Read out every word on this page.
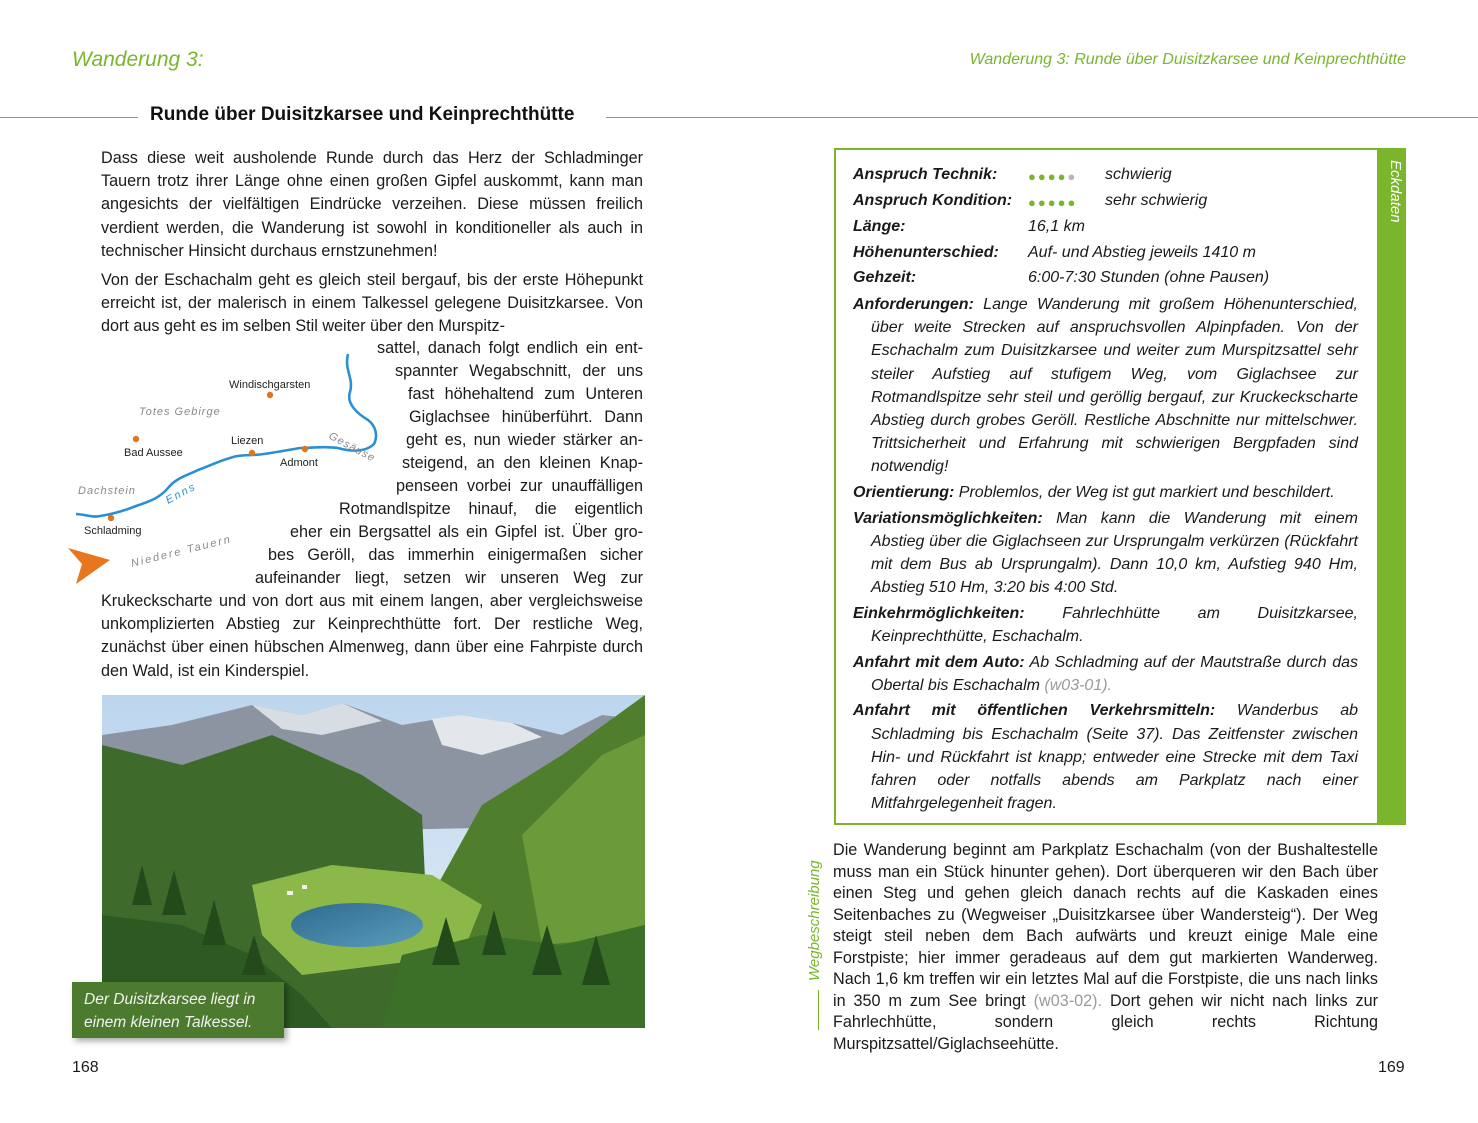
Wanderung 3:	Wanderung 3: Runde über Duisitzkarsee und Keinprechthütte
Runde über Duisitzkarsee und Keinprechthütte

Dass diese weit ausholende Runde durch das Herz der Schladminger Tauern trotz ihrer Länge ohne einen großen Gipfel auskommt, kann man angesichts der vielfältigen Eindrücke verzeihen. Diese müssen freilich verdient werden, die Wanderung ist sowohl in konditioneller als auch in technischer Hinsicht durchaus ernstzunehmen!

Von der Eschachalm geht es gleich steil bergauf, bis der erste Höhepunkt erreicht ist, der malerisch in einem Talkessel gelegene Duisitzkarsee. Von dort aus geht es im selben Stil weiter über den Murspitz-

sattel, danach folgt endlich ein ent-
spannter Wegabschnitt, der uns
fast höhehaltend zum Unteren
Giglachsee hinüberführt. Dann
geht es, nun wieder stärker an-
steigend, an den kleinen Knap-
penseen vorbei zur unauffälligen
Rotmandlspitze hinauf, die eigentlich
eher ein Bergsattel als ein Gipfel ist. Über gro-
bes Geröll, das immerhin einigermaßen sicher
aufeinander liegt, setzen wir unseren Weg zur

Krukeckscharte und von dort aus mit einem langen, aber vergleichsweise unkomplizierten Abstieg zur Keinprechthütte fort. Der restliche Weg, zunächst über einen hübschen Almenweg, dann über eine Fahrpiste durch den Wald, ist ein Kinderspiel.

Windischgarsten
Totes Gebirge
Liezen
Bad Aussee
Admont Gesäuse
Dachstein	Enns
Schladming
Niedere Tauern
Der Duisitzkarsee liegt in einem kleinen Talkessel.
168	169
Eckdaten
Anspruch Technik: ●●●●● schwierig
Anspruch Kondition: ●●●●● sehr schwierig
Länge:	16,1 km
Höhenunterschied: Auf- und Abstieg jeweils 1410 m
Gehzeit:	6:00-7:30 Stunden (ohne Pausen)

Anforderungen: Lange Wanderung mit großem Höhenunterschied, über weite Strecken auf anspruchsvollen Alpinpfaden. Von der Eschachalm zum Duisitzkarsee und weiter zum Murspitzsattel sehr steiler Aufstieg auf stufigem Weg, vom Giglachsee zur Rotmandlspitze sehr steil und geröllig bergauf, zur Kruckeckscharte Abstieg durch grobes Geröll. Restliche Abschnitte nur mittelschwer. Trittsicherheit und Erfahrung mit schwierigen Bergpfaden sind notwendig!

Orientierung: Problemlos, der Weg ist gut markiert und beschildert.

Variationsmöglichkeiten: Man kann die Wanderung mit einem Abstieg über die Giglachseen zur Ursprungalm verkürzen (Rückfahrt mit dem Bus ab Ursprungalm). Dann 10,0 km, Aufstieg 940 Hm, Abstieg 510 Hm, 3:20 bis 4:00 Std.

Einkehrmöglichkeiten: Fahrlechhütte am Duisitzkarsee, Keinprechthütte, Eschachalm.

Anfahrt mit dem Auto: Ab Schladming auf der Mautstraße durch das Obertal bis Eschachalm (w03-01).

Anfahrt mit öffentlichen Verkehrsmitteln: Wanderbus ab Schladming bis Eschachalm (Seite 37). Das Zeitfenster zwischen Hin- und Rückfahrt ist knapp; entweder eine Strecke mit dem Taxi fahren oder notfalls abends am Parkplatz nach einer Mitfahrgelegenheit fragen.

Wegbeschreibung
Die Wanderung beginnt am Parkplatz Eschachalm (von der Bushaltestelle muss man ein Stück hinunter gehen). Dort überqueren wir den Bach über einen Steg und gehen gleich danach rechts auf die Kaskaden eines Seitenbaches zu (Wegweiser „Duisitzkarsee über Wandersteig“). Der Weg steigt steil neben dem Bach aufwärts und kreuzt einige Male eine Forstpiste; hier immer geradeaus auf dem gut markierten Wanderweg. Nach 1,6 km treffen wir ein letztes Mal auf die Forstpiste, die uns nach links in 350 m zum See bringt (w03-02). Dort gehen wir nicht nach links zur Fahrlechhütte, sondern gleich rechts Richtung Murspitzsattel/Giglachseehütte.
